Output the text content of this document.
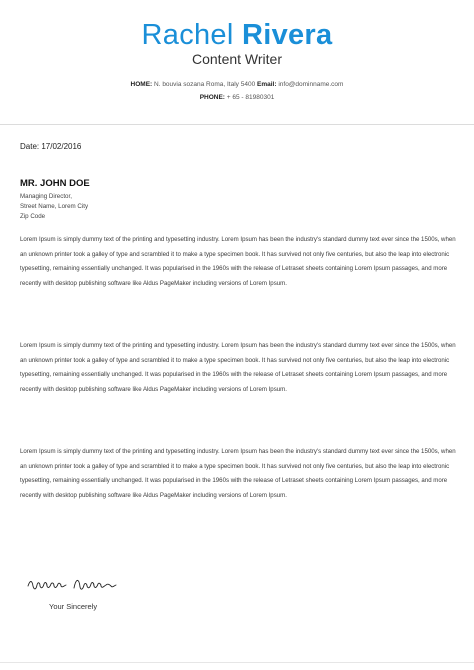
Rachel Rivera
Content Writer
HOME: N. bouvia sozana Roma, Italy 5400 Email: info@dominname.com
PHONE: + 65 - 81980301
Date: 17/02/2016
MR. JOHN DOE
Managing Director,
Street Name, Lorem City
Zip Code
Lorem Ipsum is simply dummy text of the printing and typesetting industry. Lorem Ipsum has been the industry's standard dummy text ever since the 1500s, when an unknown printer took a galley of type and scrambled it to make a type specimen book. It has survived not only five centuries, but also the leap into electronic typesetting, remaining essentially unchanged. It was popularised in the 1960s with the release of Letraset sheets containing Lorem Ipsum passages, and more recently with desktop publishing software like Aldus PageMaker including versions of Lorem Ipsum.
Lorem Ipsum is simply dummy text of the printing and typesetting industry. Lorem Ipsum has been the industry's standard dummy text ever since the 1500s, when an unknown printer took a galley of type and scrambled it to make a type specimen book. It has survived not only five centuries, but also the leap into electronic typesetting, remaining essentially unchanged. It was popularised in the 1960s with the release of Letraset sheets containing Lorem Ipsum passages, and more recently with desktop publishing software like Aldus PageMaker including versions of Lorem Ipsum.
Lorem Ipsum is simply dummy text of the printing and typesetting industry. Lorem Ipsum has been the industry's standard dummy text ever since the 1500s, when an unknown printer took a galley of type and scrambled it to make a type specimen book. It has survived not only five centuries, but also the leap into electronic typesetting, remaining essentially unchanged. It was popularised in the 1960s with the release of Letraset sheets containing Lorem Ipsum passages, and more recently with desktop publishing software like Aldus PageMaker including versions of Lorem Ipsum.
Your Sincerely
